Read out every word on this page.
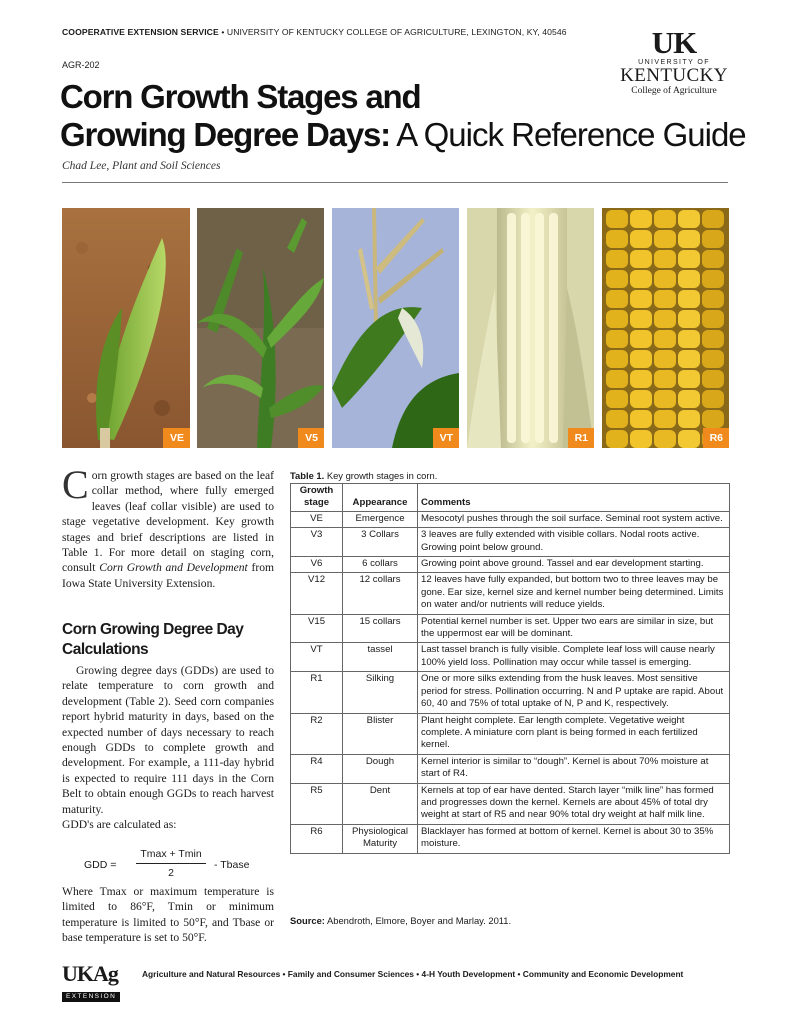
COOPERATIVE EXTENSION SERVICE • UNIVERSITY OF KENTUCKY COLLEGE OF AGRICULTURE, LEXINGTON, KY, 40546
AGR-202
UK
UNIVERSITY OF
KENTUCKY
College of Agriculture
Corn Growth Stages and
Growing Degree Days: A Quick Reference Guide
Chad Lee, Plant and Soil Sciences
VE	V5	VT	R1	R6
Corn growth stages are based on the leaf collar method, where fully emerged leaves (leaf collar visible) are used to stage vegetative development. Key growth stages and brief descriptions are listed in Table 1. For more detail on staging corn, consult Corn Growth and Development from Iowa State University Extension.
Corn Growing Degree Day Calculations

Growing degree days (GDDs) are used to relate temperature to corn growth and development (Table 2). Seed corn companies report hybrid maturity in days, based on the expected number of days necessary to reach enough GDDs to complete growth and development. For example, a 111-day hybrid is expected to require 111 days in the Corn Belt to obtain enough GGDs to reach harvest maturity.

GDD's are calculated as:

GDD =
Tmax + Tmin
2
- Tbase
Where Tmax or maximum temperature is limited to 86°F, Tmin or minimum temperature is limited to 50°F, and Tbase or base temperature is set to 50°F.
Table 1. Key growth stages in corn.
Growth stage	Appearance	Comments
VE	Emergence	Mesocotyl pushes through the soil surface. Seminal root system active.
V3	3 Collars	3 leaves are fully extended with visible collars. Nodal roots active. Growing point below ground.
V6	6 collars	Growing point above ground. Tassel and ear development starting.
V12	12 collars	12 leaves have fully expanded, but bottom two to three leaves may be gone. Ear size, kernel size and kernel number being determined. Limits on water and/or nutrients will reduce yields.
V15	15 collars	Potential kernel number is set. Upper two ears are similar in size, but the uppermost ear will be dominant.
VT	tassel	Last tassel branch is fully visible. Complete leaf loss will cause nearly 100% yield loss. Pollination may occur while tassel is emerging.
R1	Silking	One or more silks extending from the husk leaves. Most sensitive period for stress. Pollination occurring. N and P uptake are rapid. About 60, 40 and 75% of total uptake of N, P and K, respectively.
R2	Blister	Plant height complete. Ear length complete. Vegetative weight complete. A miniature corn plant is being formed in each fertilized kernel.
R4	Dough	Kernel interior is similar to “dough”. Kernel is about 70% moisture at start of R4.
R5	Dent	Kernels at top of ear have dented. Starch layer “milk line” has formed and progresses down the kernel. Kernels are about 45% of total dry weight at start of R5 and near 90% total dry weight at half milk line.
R6	Physiological Maturity	Blacklayer has formed at bottom of kernel. Kernel is about 30 to 35% moisture.
Source: Abendroth, Elmore, Boyer and Marlay. 2011.
UKAg
EXTENSION
Agriculture and Natural Resources • Family and Consumer Sciences • 4-H Youth Development • Community and Economic Development
